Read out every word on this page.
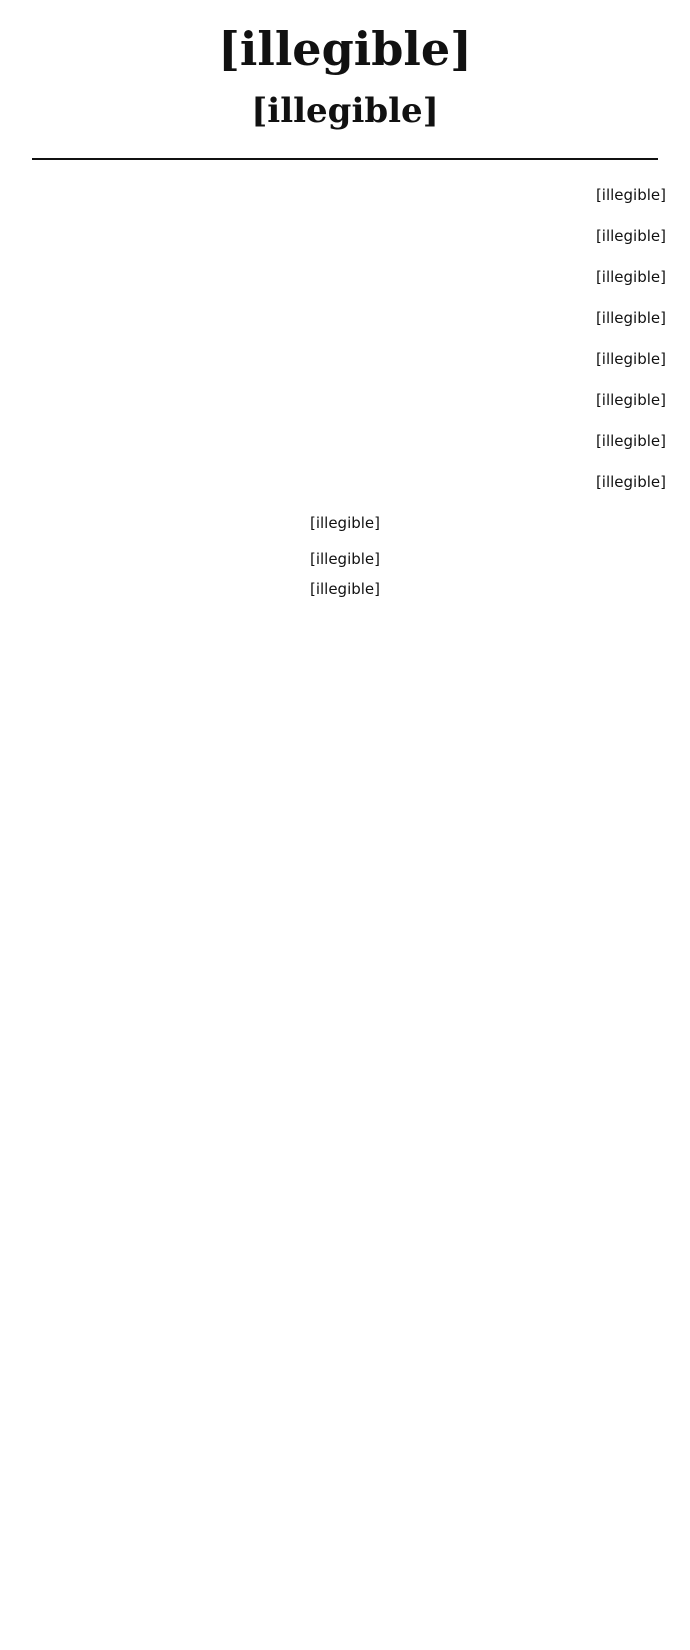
[illegible]
[illegible]

[illegible]

[illegible]

[illegible]

[illegible]

[illegible]

[illegible]

[illegible]

[illegible]

[illegible]

[illegible]

[illegible]
